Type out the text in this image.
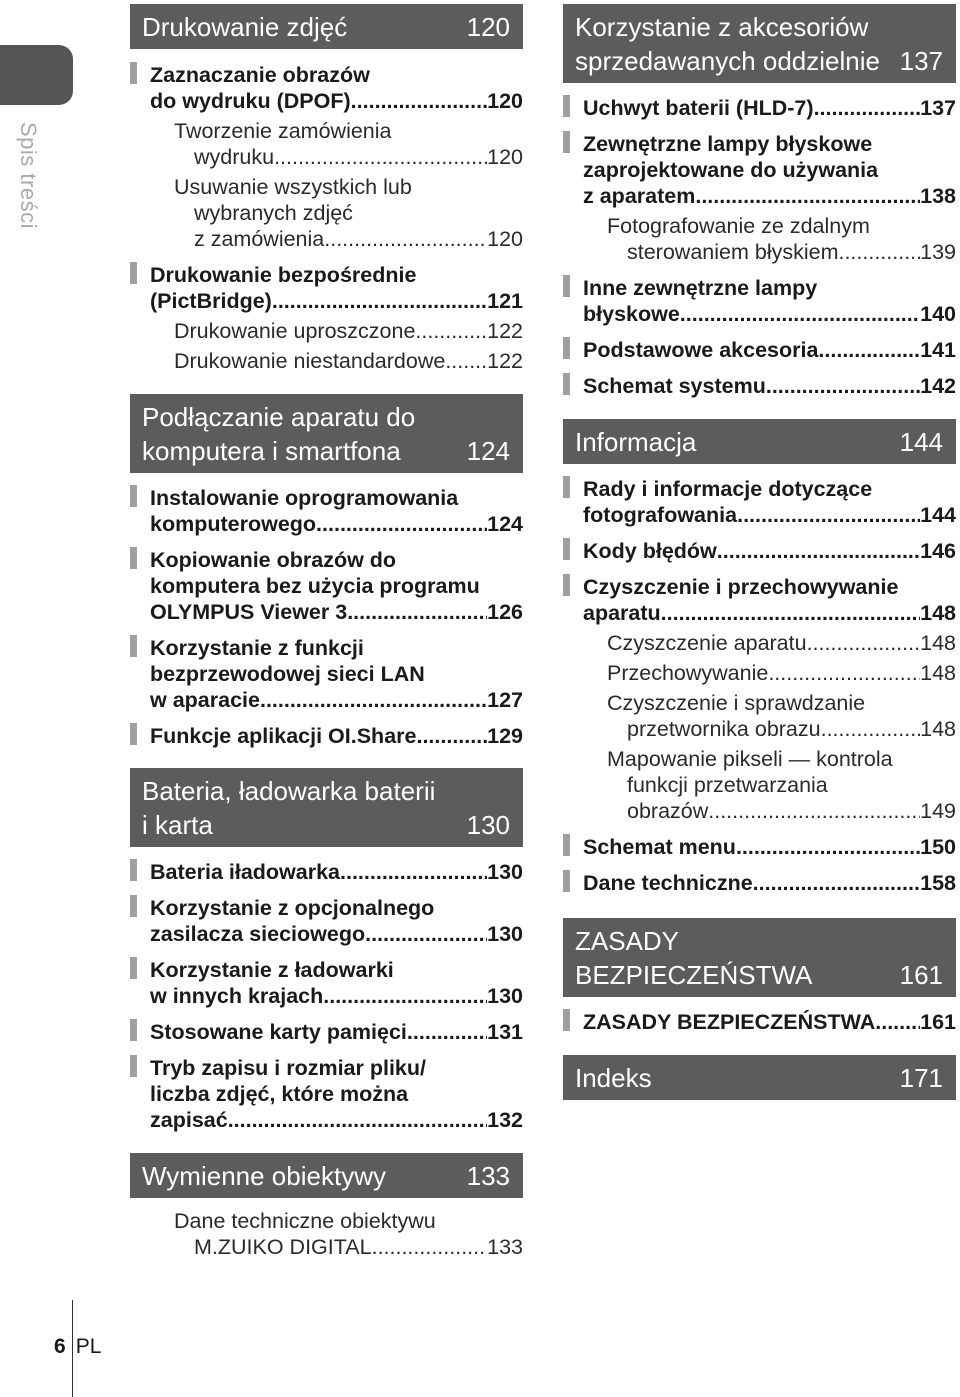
Spis treści
6 PL
Drukowanie zdjęć	120
Zaznaczanie obrazów
do wydruku (DPOF) .....	120
Tworzenie zamówienia
wydruku .....	120
Usuwanie wszystkich lub
wybranych zdjęć
z zamówienia .....	120
Drukowanie bezpośrednie
(PictBridge) .....	121
Drukowanie uproszczone .....	122
Drukowanie niestandardowe ..... 122
Podłączanie aparatu do
komputera i smartfona	124
Instalowanie oprogramowania
komputerowego .....	124
Kopiowanie obrazów do
komputera bez użycia programu
OLYMPUS Viewer 3 .....	126
Korzystanie z funkcji
bezprzewodowej sieci LAN
w aparacie .....	127
Funkcje aplikacji OI.Share .....	129
Bateria, ładowarka baterii
i karta	130
Bateria iładowarka .....	130
Korzystanie z opcjonalnego
zasilacza sieciowego .....	130
Korzystanie z ładowarki
w innych krajach .....	130
Stosowane karty pamięci .....	131
Tryb zapisu i rozmiar pliku/
liczba zdjęć, które można
zapisać .....	132
Wymienne obiektywy	133
Dane techniczne obiektywu
M.ZUIKO DIGITAL .....	133
Korzystanie z akcesoriów
sprzedawanych oddzielnie 137
Uchwyt baterii (HLD-7) .....	137
Zewnętrzne lampy błyskowe
zaprojektowane do używania
z aparatem .....	138
Fotografowanie ze zdalnym
sterowaniem błyskiem .....	139
Inne zewnętrzne lampy
błyskowe .....	140
Podstawowe akcesoria .....	141
Schemat systemu .....	142
Informacja	144
Rady i informacje dotyczące
fotografowania .....	144
Kody błędów .....	146
Czyszczenie i przechowywanie
aparatu .....	148
Czyszczenie aparatu .....	148
Przechowywanie .....	148
Czyszczenie i sprawdzanie
przetwornika obrazu .....	148
Mapowanie pikseli — kontrola
funkcji przetwarzania
obrazów .....	149
Schemat menu .....	150
Dane techniczne .....	158
ZASADY
BEZPIECZEŃSTWA	161
ZASADY BEZPIECZEŃSTWA ..... 161
Indeks	171
